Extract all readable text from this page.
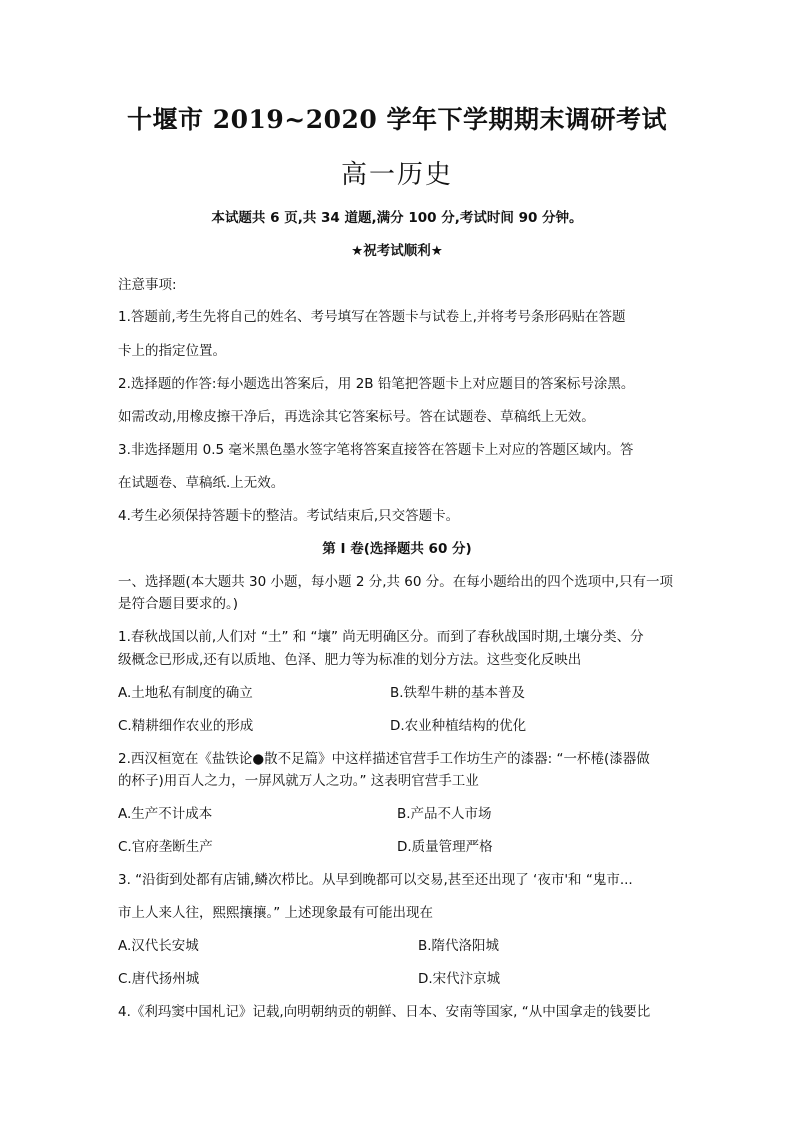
十堰市 2019~2020 学年下学期期末调研考试
高一历史
本试题共 6 页,共 34 道题,满分 100 分,考试时间 90 分钟。
★祝考试顺利★
注意事项:
1.答题前,考生先将自己的姓名、考号填写在答题卡与试卷上,并将考号条形码贴在答题
卡上的指定位置。
2.选择题的作答:每小题选出答案后，用 2B 铅笔把答题卡上对应题目的答案标号涂黑。
如需改动,用橡皮擦干净后，再选涂其它答案标号。答在试题卷、草稿纸上无效。
3.非选择题用 0.5 毫米黑色墨水签字笔将答案直接答在答题卡上对应的答题区域内。答
在试题卷、草稿纸.上无效。
4.考生必须保持答题卡的整洁。考试结束后,只交答题卡。
第 I 卷(选择题共 60 分)
一、选择题(本大题共 30 小题，每小题 2 分,共 60 分。在每小题给出的四个选项中,只有一项
是符合题目要求的。)
1.春秋战国以前,人们对 “土” 和 “壤” 尚无明确区分。而到了春秋战国时期,土壤分类、分
级概念已形成,还有以质地、色泽、肥力等为标准的划分方法。这些变化反映出
A.土地私有制度的确立	B.铁犁牛耕的基本普及
C.精耕细作农业的形成	D.农业种植结构的优化
2.西汉桓宽在《盐铁论●散不足篇》中这样描述官营手工作坊生产的漆器: “一杯棬(漆器做
的杯子)用百人之力，一屏风就万人之功。” 这表明官营手工业
A.生产不计成本	B.产品不人市场
C.官府垄断生产	D.质量管理严格
3. “沿街到处都有店铺,鳞次栉比。从早到晚都可以交易,甚至还出现了 ‘夜市'和 “鬼市...
市上人来人往，熙熙攘攘。” 上述现象最有可能出现在
A.汉代长安城	B.隋代洛阳城
C.唐代扬州城	D.宋代汴京城
4.《利玛窦中国札记》记载,向明朝纳贡的朝鲜、日本、安南等国家, “从中国拿走的钱要比
